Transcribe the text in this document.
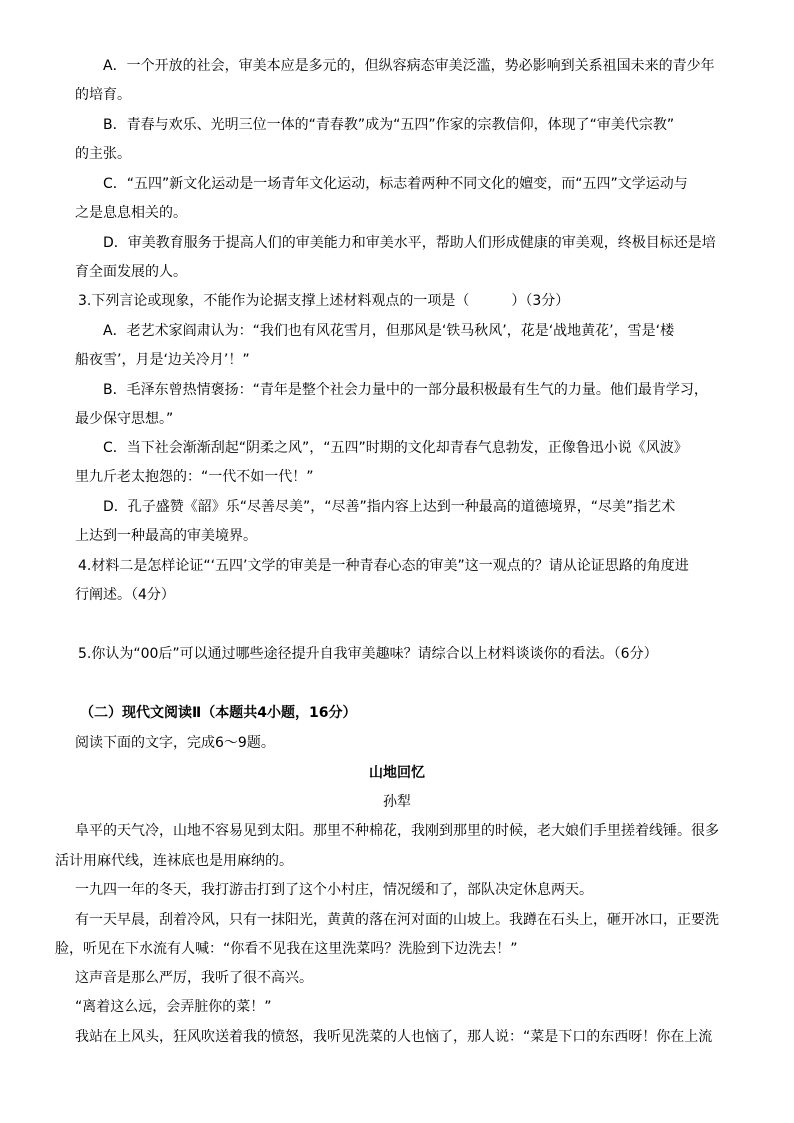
A．一个开放的社会，审美本应是多元的，但纵容病态审美泛滥，势必影响到关系祖国未来的青少年
的培育。
B．青春与欢乐、光明三位一体的“青春教”成为“五四”作家的宗教信仰，体现了“审美代宗教”
的主张。
C．“五四”新文化运动是一场青年文化运动，标志着两种不同文化的嬗变，而“五四”文学运动与
之是息息相关的。
D．审美教育服务于提高人们的审美能力和审美水平，帮助人们形成健康的审美观，终极目标还是培
育全面发展的人。
3.下列言论或现象，不能作为论据支撑上述材料观点的一项是（　　　）（3分）
A．老艺术家阎肃认为：“我们也有风花雪月，但那风是‘铁马秋风’，花是‘战地黄花’，雪是‘楼
船夜雪’，月是‘边关冷月’！”
B．毛泽东曾热情褒扬：“青年是整个社会力量中的一部分最积极最有生气的力量。他们最肯学习，
最少保守思想。”
C．当下社会渐渐刮起“阴柔之风”，“五四”时期的文化却青春气息勃发，正像鲁迅小说《风波》
里九斤老太抱怨的：“一代不如一代！”
D．孔子盛赞《韶》乐“尽善尽美”，“尽善”指内容上达到一种最高的道德境界，“尽美”指艺术
上达到一种最高的审美境界。
4.材料二是怎样论证“‘五四’文学的审美是一种青春心态的审美”这一观点的？请从论证思路的角度进
行阐述。（4分）
5.你认为“00后”可以通过哪些途径提升自我审美趣味？请综合以上材料谈谈你的看法。（6分）
（二）现代文阅读Ⅱ（本题共4小题，16分）
阅读下面的文字，完成6～9题。
山地回忆
孙犁
阜平的天气冷，山地不容易见到太阳。那里不种棉花，我刚到那里的时候，老大娘们手里搓着线锤。很多
活计用麻代线，连袜底也是用麻纳的。
一九四一年的冬天，我打游击打到了这个小村庄，情况缓和了，部队决定休息两天。
有一天早晨，刮着冷风，只有一抹阳光，黄黄的落在河对面的山坡上。我蹲在石头上，砸开冰口，正要洗
脸，听见在下水流有人喊：“你看不见我在这里洗菜吗？洗脸到下边洗去！”
这声音是那么严厉，我听了很不高兴。
“离着这么远，会弄脏你的菜！”
我站在上风头，狂风吹送着我的愤怒，我听见洗菜的人也恼了，那人说：“菜是下口的东西呀！你在上流
